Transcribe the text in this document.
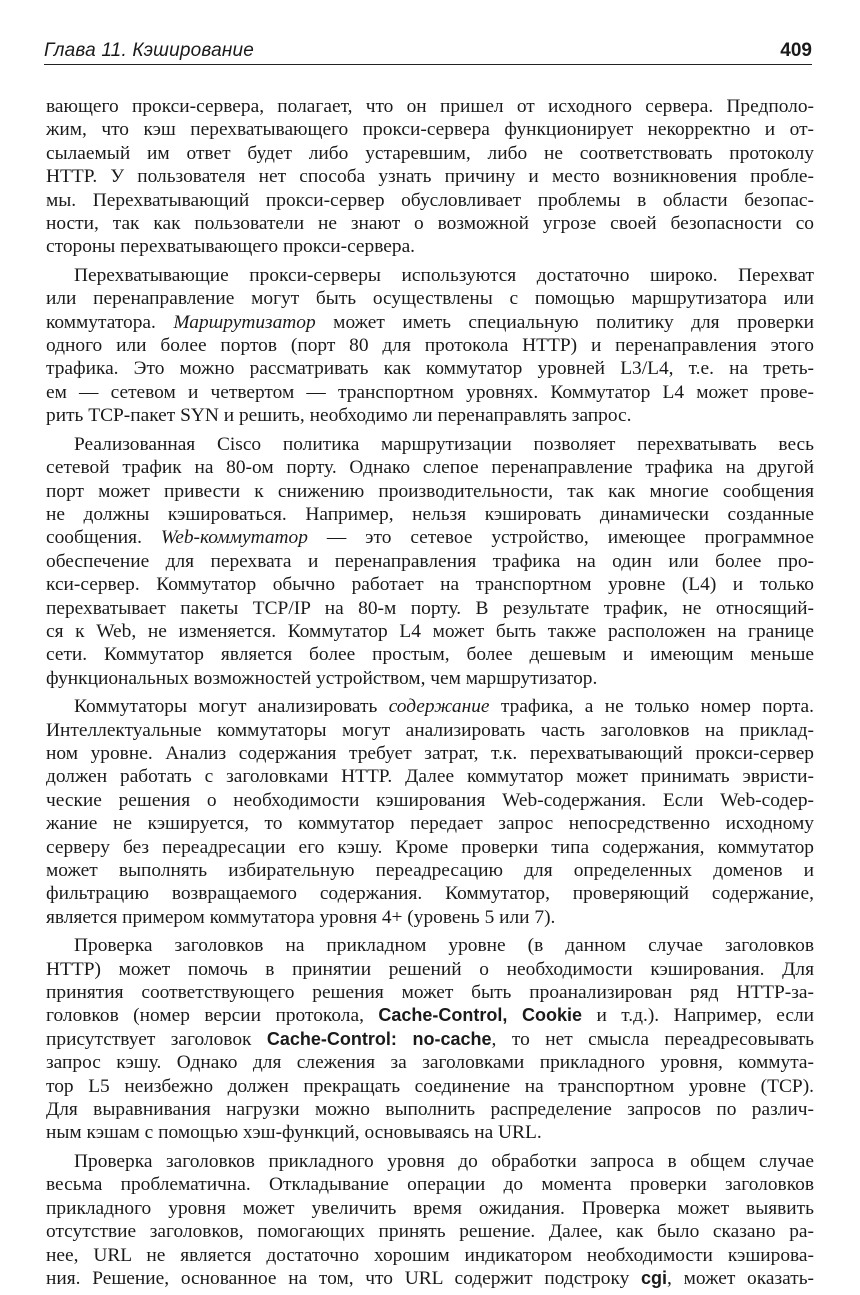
Глава 11. Кэширование	409
вающего прокси-сервера, полагает, что он пришел от исходного сервера. Предполо-
жим, что кэш перехватывающего прокси-сервера функционирует некорректно и от-
сылаемый им ответ будет либо устаревшим, либо не соответствовать протоколу
HTTP. У пользователя нет способа узнать причину и место возникновения пробле-
мы. Перехватывающий прокси-сервер обусловливает проблемы в области безопас-
ности, так как пользователи не знают о возможной угрозе своей безопасности со
стороны перехватывающего прокси-сервера.
Перехватывающие прокси-серверы используются достаточно широко. Перехват
или перенаправление могут быть осуществлены с помощью маршрутизатора или
коммутатора. Маршрутизатор может иметь специальную политику для проверки
одного или более портов (порт 80 для протокола HTTP) и перенаправления этого
трафика. Это можно рассматривать как коммутатор уровней L3/L4, т.е. на треть-
ем — сетевом и четвертом — транспортном уровнях. Коммутатор L4 может прове-
рить TCP-пакет SYN и решить, необходимо ли перенаправлять запрос.
Реализованная Cisco политика маршрутизации позволяет перехватывать весь
сетевой трафик на 80-ом порту. Однако слепое перенаправление трафика на другой
порт может привести к снижению производительности, так как многие сообщения
не должны кэшироваться. Например, нельзя кэшировать динамически созданные
сообщения. Web-коммутатор — это сетевое устройство, имеющее программное
обеспечение для перехвата и перенаправления трафика на один или более про-
кси-сервер. Коммутатор обычно работает на транспортном уровне (L4) и только
перехватывает пакеты TCP/IP на 80-м порту. В результате трафик, не относящий-
ся к Web, не изменяется. Коммутатор L4 может быть также расположен на границе
сети. Коммутатор является более простым, более дешевым и имеющим меньше
функциональных возможностей устройством, чем маршрутизатор.
Коммутаторы могут анализировать содержание трафика, а не только номер порта.
Интеллектуальные коммутаторы могут анализировать часть заголовков на приклад-
ном уровне. Анализ содержания требует затрат, т.к. перехватывающий прокси-сервер
должен работать с заголовками HTTP. Далее коммутатор может принимать эвристи-
ческие решения о необходимости кэширования Web-содержания. Если Web-содер-
жание не кэшируется, то коммутатор передает запрос непосредственно исходному
серверу без переадресации его кэшу. Кроме проверки типа содержания, коммутатор
может выполнять избирательную переадресацию для определенных доменов и
фильтрацию возвращаемого содержания. Коммутатор, проверяющий содержание,
является примером коммутатора уровня 4+ (уровень 5 или 7).
Проверка заголовков на прикладном уровне (в данном случае заголовков
HTTP) может помочь в принятии решений о необходимости кэширования. Для
принятия соответствующего решения может быть проанализирован ряд HTTP-за-
головков (номер версии протокола, Cache-Control, Cookie и т.д.). Например, если
присутствует заголовок Cache-Control: no-cache, то нет смысла переадресовывать
запрос кэшу. Однако для слежения за заголовками прикладного уровня, коммута-
тор L5 неизбежно должен прекращать соединение на транспортном уровне (TCP).
Для выравнивания нагрузки можно выполнить распределение запросов по различ-
ным кэшам с помощью хэш-функций, основываясь на URL.
Проверка заголовков прикладного уровня до обработки запроса в общем случае
весьма проблематична. Откладывание операции до момента проверки заголовков
прикладного уровня может увеличить время ожидания. Проверка может выявить
отсутствие заголовков, помогающих принять решение. Далее, как было сказано ра-
нее, URL не является достаточно хорошим индикатором необходимости кэширова-
ния. Решение, основанное на том, что URL содержит подстроку cgi, может оказать-
